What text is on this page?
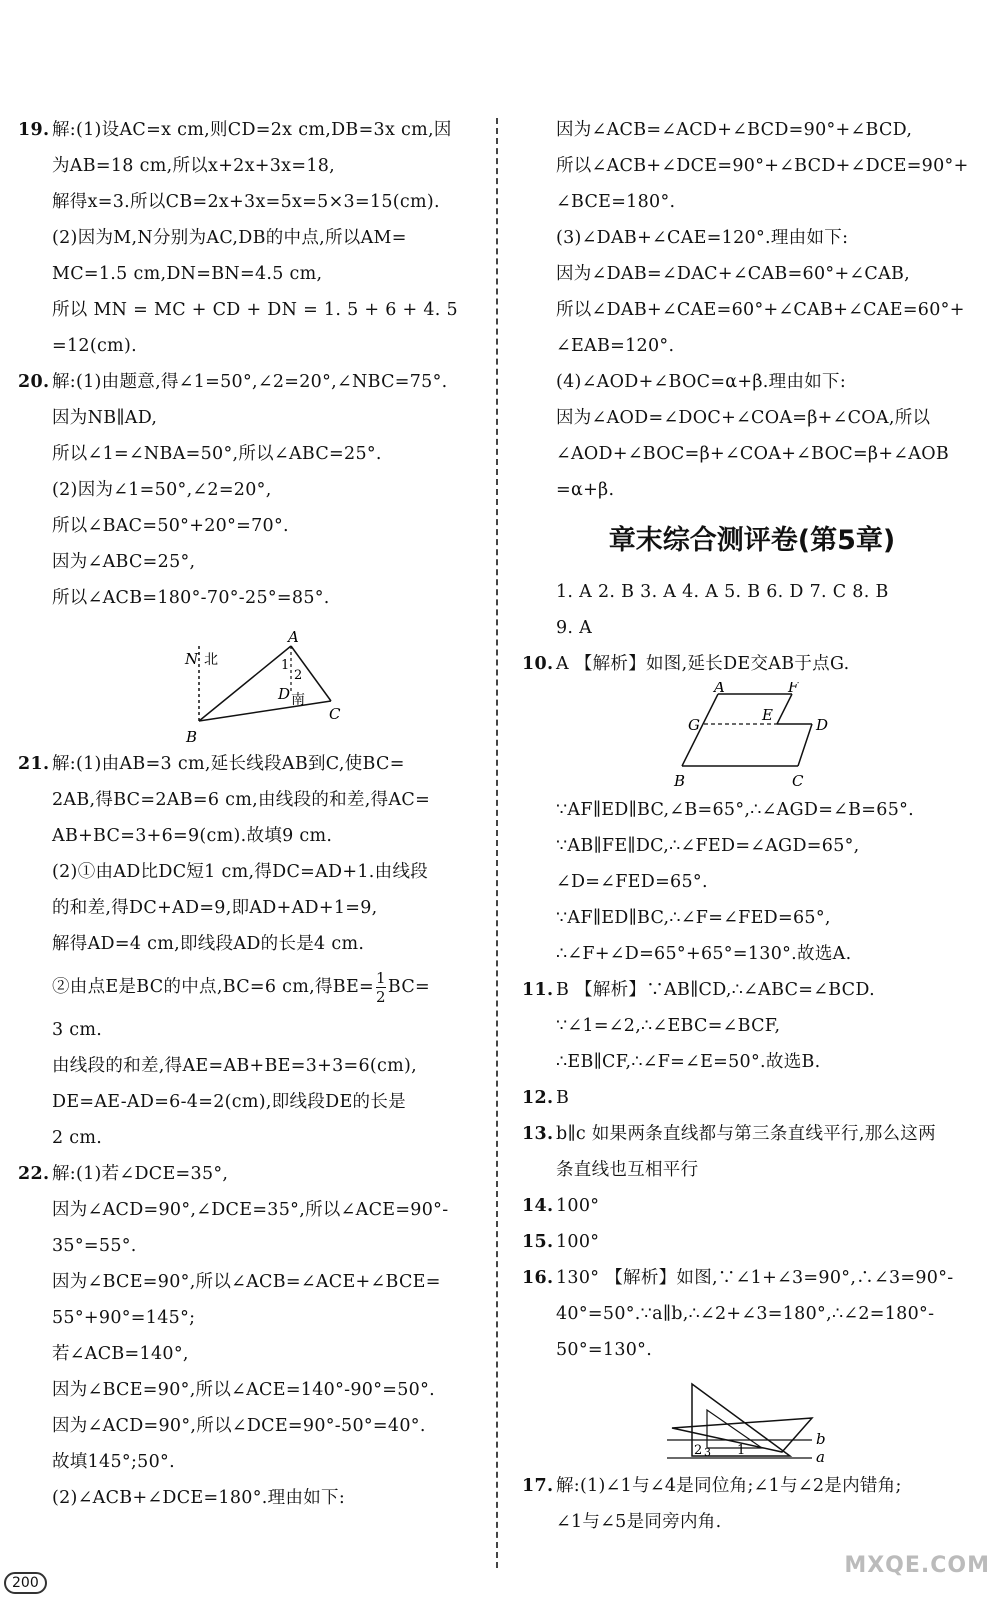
19. 解:(1)设AC=x cm,则CD=2x cm,DB=3x cm,因
为AB=18 cm,所以x+2x+3x=18,
解得x=3.所以CB=2x+3x=5x=5×3=15(cm).
(2)因为M,N分别为AC,DB的中点,所以AM=
MC=1.5 cm,DN=BN=4.5 cm,
所以 MN = MC + CD + DN = 1. 5 + 6 + 4. 5
=12(cm).
20. 解:(1)由题意,得∠1=50°,∠2=20°,∠NBC=75°.
因为NB∥AD,
所以∠1=∠NBA=50°,所以∠ABC=25°.
(2)因为∠1=50°,∠2=20°,
所以∠BAC=50°+20°=70°.
因为∠ABC=25°,
所以∠ACB=180°-70°-25°=85°.
A
N 北	1
2
D 南
C
B
21. 解:(1)由AB=3 cm,延长线段AB到C,使BC=
2AB,得BC=2AB=6 cm,由线段的和差,得AC=
AB+BC=3+6=9(cm).故填9 cm.
(2)①由AD比DC短1 cm,得DC=AD+1.由线段
的和差,得DC+AD=9,即AD+AD+1=9,
解得AD=4 cm,即线段AD的长是4 cm.
②由点E是BC的中点,BC=6 cm,得$BE= \frac{1}{2} BC=$
3 cm.
由线段的和差,得AE=AB+BE=3+3=6(cm),
DE=AE-AD=6-4=2(cm),即线段DE的长是
2 cm.
22. 解:(1)若∠DCE=35°,
因为∠ACD=90°,∠DCE=35°,所以∠ACE=90°-
35°=55°.
因为∠BCE=90°,所以∠ACB=∠ACE+∠BCE=
55°+90°=145°;
若∠ACB=140°,
因为∠BCE=90°,所以∠ACE=140°-90°=50°.
因为∠ACD=90°,所以∠DCE=90°-50°=40°.
故填145°;50°.
(2)∠ACB+∠DCE=180°.理由如下:
因为∠ACB=∠ACD+∠BCD=90°+∠BCD,
所以∠ACB+∠DCE=90°+∠BCD+∠DCE=90°+
∠BCE=180°.
(3)∠DAB+∠CAE=120°.理由如下:
因为∠DAB=∠DAC+∠CAB=60°+∠CAB,
所以∠DAB+∠CAE=60°+∠CAB+∠CAE=60°+
∠EAB=120°.
(4)∠AOD+∠BOC=α+β.理由如下:
因为∠AOD=∠DOC+∠COA=β+∠COA,所以
∠AOD+∠BOC=β+∠COA+∠BOC=β+∠AOB
=α+β.
章末综合测评卷(第5章)
1. A 2. B 3. A 4. A 5. B 6. D 7. C 8. B
9. A
10. A 【解析】如图,延长DE交AB于点G.
A	F
E
G	D
B	C
∵AF∥ED∥BC,∠B=65°,∴∠AGD=∠B=65°.
∵AB∥FE∥DC,∴∠FED=∠AGD=65°,
∠D=∠FED=65°.
∵AF∥ED∥BC,∴∠F=∠FED=65°,
∴∠F+∠D=65°+65°=130°.故选A.
11. B 【解析】∵AB∥CD,∴∠ABC=∠BCD.
∵∠1=∠2,∴∠EBC=∠BCF,
∴EB∥CF,∴∠F=∠E=50°.故选B.
12. B
13. b∥c 如果两条直线都与第三条直线平行,那么这两
条直线也互相平行
14. 100°
15. 100°
16. 130° 【解析】如图,∵∠1+∠3=90°,∴∠3=90°-
40°=50°.∵a∥b,∴∠2+∠3=180°,∴∠2=180°-
50°=130°.
b
a
2 3 1
17. 解:(1)∠1与∠4是同位角;∠1与∠2是内错角;
∠1与∠5是同旁内角.
200
MXQE.COM
